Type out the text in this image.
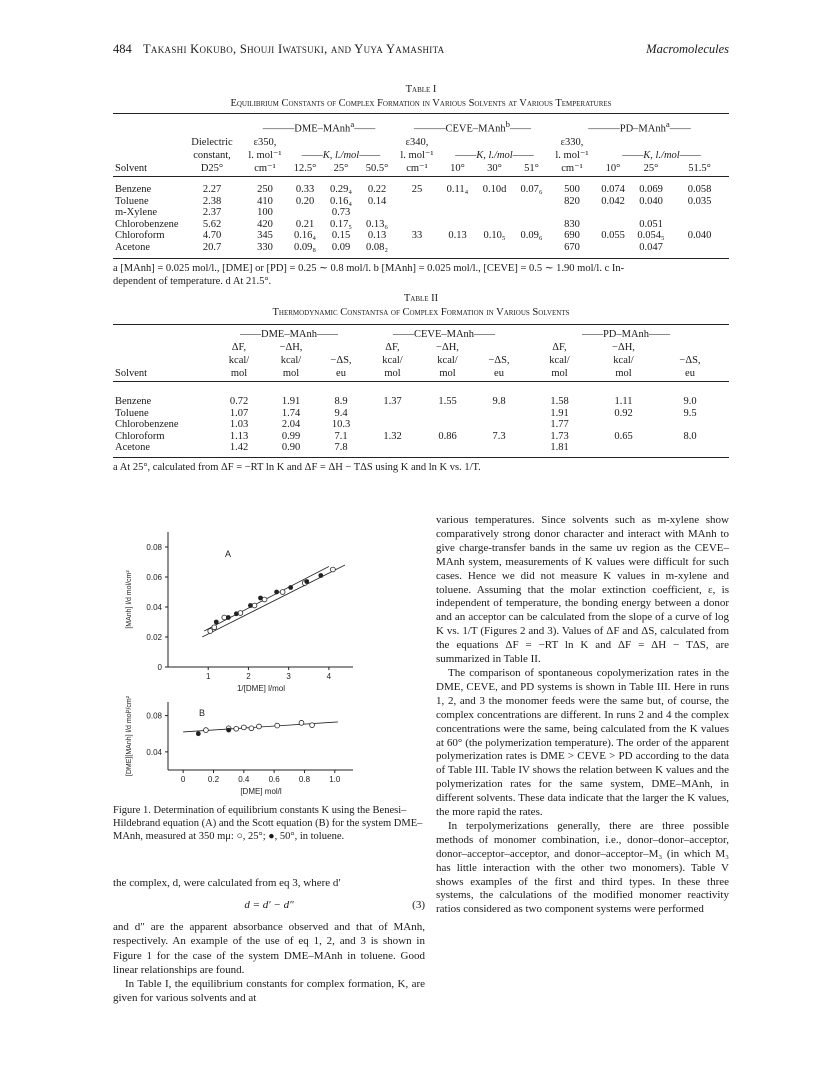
484 Takashi Kokubo, Shouji Iwatsuki, and Yuya Yamashita	Macromolecules
Table I
Equilibrium Constants of Complex Formation in Various Solvents at Various Temperatures
		———DME–MAnh$^a$——				———CEVE–MAnh$^b$——				———PD–MAnh$^a$——			
	Dielectric	ε350,				ε340,				ε330,			
	constant,	l. mol⁻¹	——K, l./mol——			l. mol⁻¹	——K, l./mol——			l. mol⁻¹	——K, l./mol——		
Solvent	D25°	cm⁻¹	12.5°	25°	50.5°	cm⁻¹	10°	30°	51°	cm⁻¹	10°	25°	51.5°

Benzene	2.27	250	0.33	0.29₄	0.22	25	0.11₄	0.10d	0.07₆	500	0.074	0.069	0.058
Toluene	2.38	410	0.20	0.16₄	0.14					820	0.042	0.040	0.035
m-Xylene	2.37	100		0.73									
Chlorobenzene	5.62	420	0.21	0.17₅	0.13₆					830		0.051	
Chloroform	4.70	345	0.16₄	0.15	0.13	33	0.13	0.10₅	0.09₆	690	0.055	0.054₅	0.040
Acetone	20.7	330	0.09₈	0.09	0.08₂					670		0.047	
a [MAnh] = 0.025 mol/l., [DME] or [PD] = 0.25 ∼ 0.8 mol/l. b [MAnh] = 0.025 mol/l., [CEVE] = 0.5 ∼ 1.90 mol/l. c In-
dependent of temperature. d At 21.5°.
Table II
Thermodynamic Constantsa of Complex Formation in Various Solvents
	——DME–MAnh——			——CEVE–MAnh——			——PD–MAnh——		
	ΔF,	−ΔH,		ΔF,	−ΔH,		ΔF,	−ΔH,	
	kcal/	kcal/	−ΔS,	kcal/	kcal/	−ΔS,	kcal/	kcal/	−ΔS,
Solvent	mol	mol	eu	mol	mol	eu	mol	mol	eu
Benzene	0.72	1.91	8.9	1.37	1.55	9.8	1.58	1.11	9.0
Toluene	1.07	1.74	9.4				1.91	0.92	9.5
Chlorobenzene	1.03	2.04	10.3				1.77		
Chloroform	1.13	0.99	7.1	1.32	0.86	7.3	1.73	0.65	8.0
Acetone	1.42	0.90	7.8				1.81		
a At 25°, calculated from ΔF = −RT ln K and ΔF = ΔH − TΔS using K and ln K vs. 1/T.
0.08
0.06
0.04
0.02
0
1	2	3	4
1/[DME] l/mol
[MAnh] l/d mol/cm²
A
0.08
0.04
0	0.2 0.4 0.6 0.8 1.0
[DME] mol/l
[DME][MAnh] l/d mol²/cm²	B
Figure 1. Determination of equilibrium constants K using the Benesi–Hildebrand equation (A) and the Scott equation (B) for the system DME–MAnh, measured at 350 mμ: ○, 25°; ●, 50°, in toluene.

the complex, d, were calculated from eq 3, where d′

d = d′ − d″	(3)

and d″ are the apparent absorbance observed and that of MAnh, respectively. An example of the use of eq 1, 2, and 3 is shown in Figure 1 for the case of the system DME–MAnh in toluene. Good linear relationships are found.

In Table I, the equilibrium constants for complex formation, K, are given for various solvents and at

various temperatures. Since solvents such as m-xylene show comparatively strong donor character and interact with MAnh to give charge-transfer bands in the same uv region as the CEVE–MAnh system, measurements of K values were difficult for such cases. Hence we did not measure K values in m-xylene and toluene. Assuming that the molar extinction coefficient, ε, is independent of temperature, the bonding energy between a donor and an acceptor can be calculated from the slope of a curve of log K vs. 1/T (Figures 2 and 3). Values of ΔF and ΔS, calculated from the equations ΔF = −RT ln K and ΔF = ΔH − TΔS, are summarized in Table II.

The comparison of spontaneous copolymerization rates in the DME, CEVE, and PD systems is shown in Table III. Here in runs 1, 2, and 3 the monomer feeds were the same but, of course, the complex concentrations are different. In runs 2 and 4 the complex concentrations were the same, being calculated from the K values at 60° (the polymerization temperature). The order of the apparent polymerization rates is DME > CEVE > PD according to the data of Table III. Table IV shows the relation between K values and the polymerization rates for the same system, DME–MAnh, in different solvents. These data indicate that the larger the K values, the more rapid the rates.

In terpolymerizations generally, there are three possible methods of monomer combination, i.e., donor–donor–acceptor, donor–acceptor–acceptor, and donor–acceptor–M₃ (in which M₃ has little interaction with the other two monomers). Table V shows examples of the first and third types. In these three systems, the calculations of the modified monomer reactivity ratios considered as two component systems were performed
